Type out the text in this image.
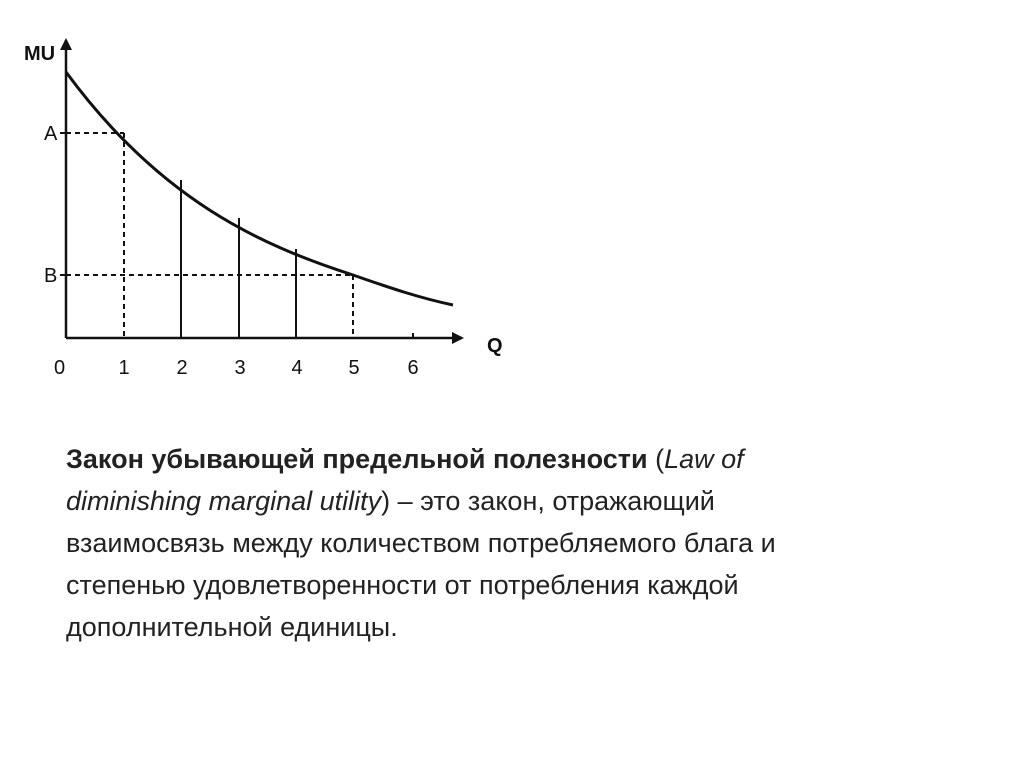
MU
Q
A
B
0	1 2 3 4 5 6
Закон убывающей предельной полезности (Law of diminishing marginal utility) – это закон, отражающий взаимосвязь между количеством потребляемого блага и степенью удовлетворенности от потребления каждой дополнительной единицы.
